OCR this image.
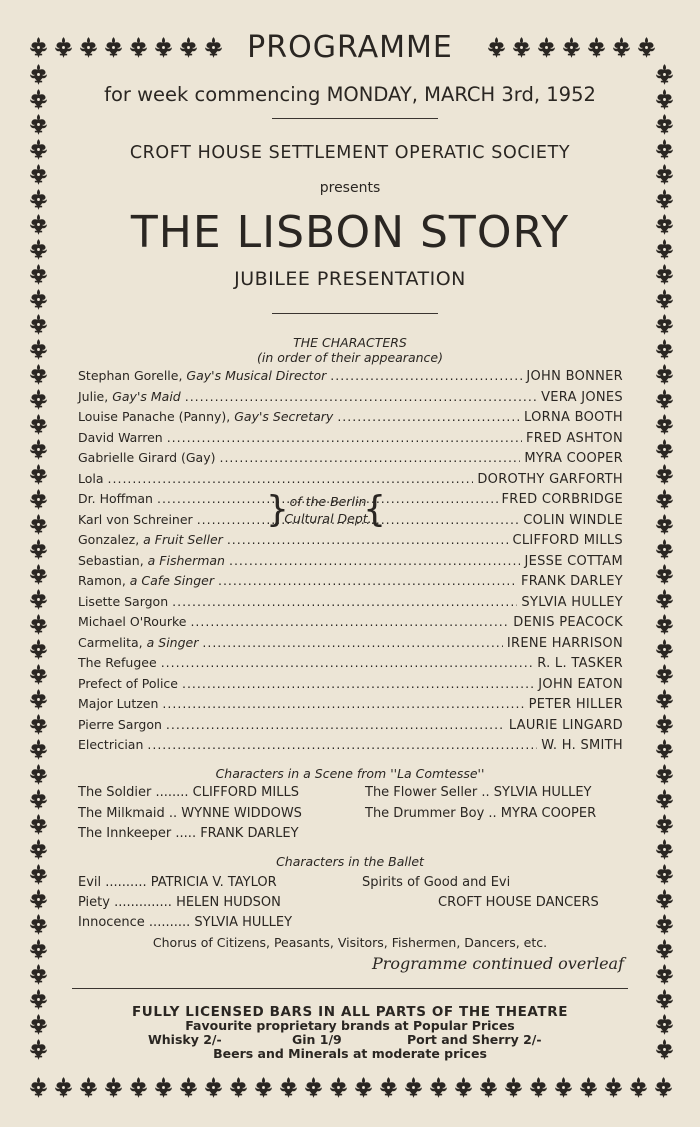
PROGRAMME
for week commencing MONDAY, MARCH 3rd, 1952
CROFT HOUSE SETTLEMENT OPERATIC SOCIETY
presents
THE LISBON STORY
JUBILEE PRESENTATION
THE CHARACTERS
(in order of their appearance)
Stephan Gorelle, Gay's Musical Director .....	JOHN BONNER
Julie, Gay's Maid .....	VERA JONES
Louise Panache (Panny), Gay's Secretary .....	LORNA BOOTH
David Warren .....	FRED ASHTON
Gabrielle Girard (Gay) .....	MYRA COOPER
Lola .....	DOROTHY GARFORTH
Dr. Hoffman .....	FRED CORBRIDGE
Karl von Schreiner .....	COLIN WINDLE
Gonzalez, a Fruit Seller .....	CLIFFORD MILLS
Sebastian, a Fisherman .....	JESSE COTTAM
Ramon, a Cafe Singer .....	FRANK DARLEY
Lisette Sargon .....	SYLVIA HULLEY
Michael O'Rourke .....	DENIS PEACOCK
Carmelita, a Singer .....	IRENE HARRISON
The Refugee .....	R. L. TASKER
Prefect of Police .....	JOHN EATON
Major Lutzen .....	PETER HILLER
Pierre Sargon .....	LAURIE LINGARD
Electrician .....	W. H. SMITH
} {
of the Berlin
Cultural Dept.
Characters in a Scene from ''La Comtesse''
The Soldier ........ CLIFFORD MILLS
The Milkmaid .. WYNNE WIDDOWS
The Innkeeper ..... FRANK DARLEY
The Flower Seller .. SYLVIA HULLEY
The Drummer Boy .. MYRA COOPER
Characters in the Ballet
Evil .......... PATRICIA V. TAYLOR
Piety .............. HELEN HUDSON
Innocence .......... SYLVIA HULLEY
Spirits of Good and Evi
CROFT HOUSE DANCERS
Chorus of Citizens, Peasants, Visitors, Fishermen, Dancers, etc.
Programme continued overleaf
FULLY LICENSED BARS IN ALL PARTS OF THE THEATRE
Favourite proprietary brands at Popular Prices
Whisky 2/-	Gin 1/9	Port and Sherry 2/-
Beers and Minerals at moderate prices
